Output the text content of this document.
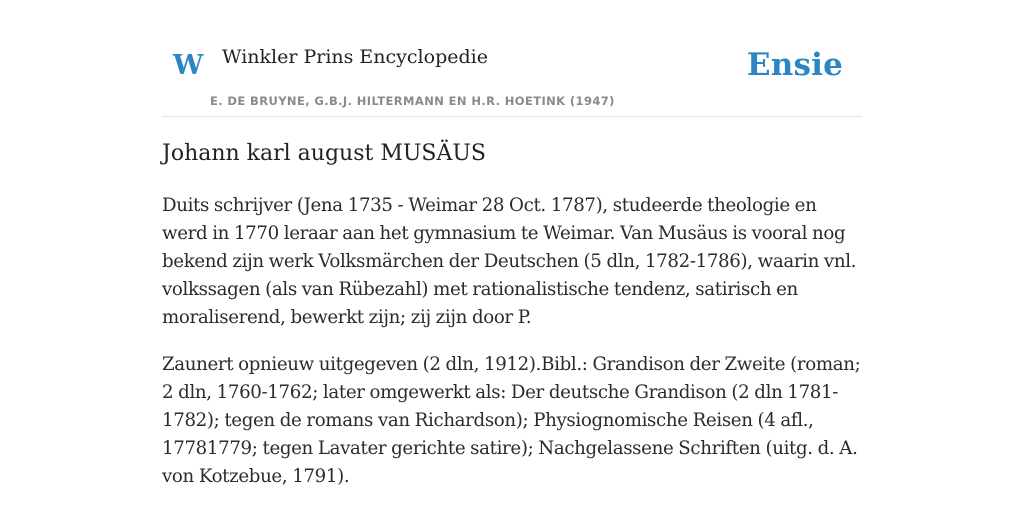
W Winkler Prins Encyclopedie
E. DE BRUYNE, G.B.J. HILTERMANN EN H.R. HOETINK (1947)
Ensie
Johann karl august MUSÄUS

Duits schrijver (Jena 1735 - Weimar 28 Oct. 1787), studeerde theologie en werd in 1770 leraar aan het gymnasium te Weimar. Van Musäus is vooral nog bekend zijn werk Volksmärchen der Deutschen (5 dln, 1782-1786), waarin vnl. volkssagen (als van Rübezahl) met rationalistische tendenz, satirisch en moraliserend, bewerkt zijn; zij zijn door P.

Zaunert opnieuw uitgegeven (2 dln, 1912).Bibl.: Grandison der Zweite (roman; 2 dln, 1760-1762; later omgewerkt als: Der deutsche Grandison (2 dln 1781-1782); tegen de romans van Richardson); Physiognomische Reisen (4 afl., 17781779; tegen Lavater gerichte satire); Nachgelassene Schriften (uitg. d. A. von Kotzebue, 1791).
